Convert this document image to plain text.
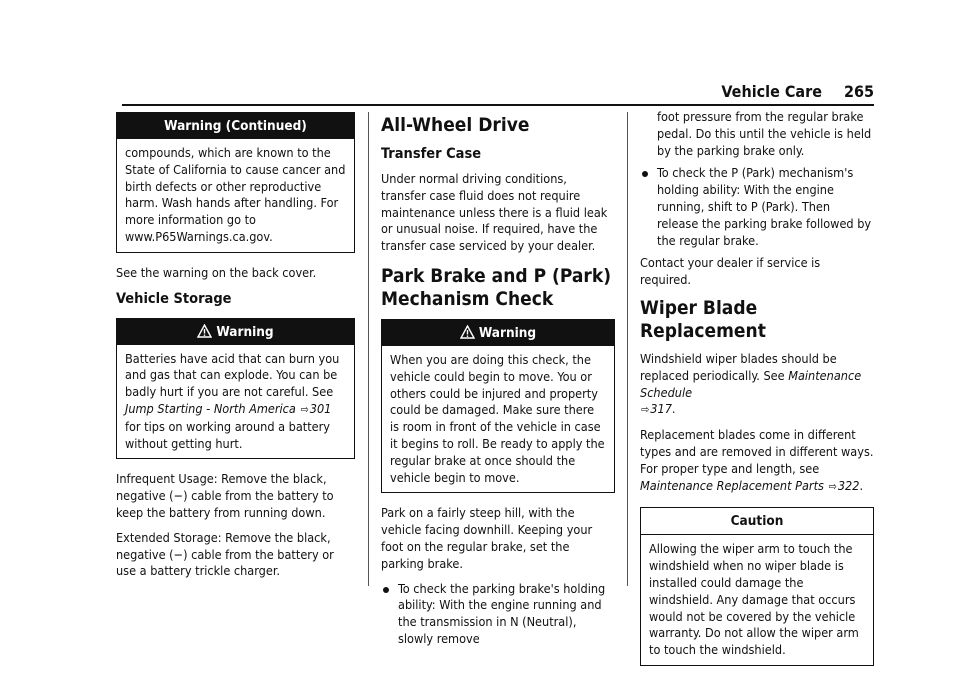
Vehicle Care 265
Warning (Continued)

compounds, which are known to the State of California to cause cancer and birth defects or other reproductive harm. Wash hands after handling. For more information go to www.P65Warnings.ca.gov.

See the warning on the back cover.

Vehicle Storage
Warning

Batteries have acid that can burn you and gas that can explode. You can be badly hurt if you are not careful. See Jump Starting - North America ⇨301 for tips on working around a battery without getting hurt.

Infrequent Usage: Remove the black, negative (−) cable from the battery to keep the battery from running down.

Extended Storage: Remove the black, negative (−) cable from the battery or use a battery trickle charger.

All-Wheel Drive
Transfer Case

Under normal driving conditions, transfer case fluid does not require maintenance unless there is a fluid leak or unusual noise. If required, have the transfer case serviced by your dealer.

Park Brake and P (Park) Mechanism Check
Warning

When you are doing this check, the vehicle could begin to move. You or others could be injured and property could be damaged. Make sure there is room in front of the vehicle in case it begins to roll. Be ready to apply the regular brake at once should the vehicle begin to move.

Park on a fairly steep hill, with the vehicle facing downhill. Keeping your foot on the regular brake, set the parking brake.

To check the parking brake's holding ability: With the engine running and the transmission in N (Neutral), slowly remove
foot pressure from the regular brake pedal. Do this until the vehicle is held by the parking brake only.
To check the P (Park) mechanism's holding ability: With the engine running, shift to P (Park). Then release the parking brake followed by the regular brake.

Contact your dealer if service is required.

Wiper Blade Replacement

Windshield wiper blades should be replaced periodically. See Maintenance Schedule
⇨317.

Replacement blades come in different types and are removed in different ways. For proper type and length, see Maintenance Replacement Parts ⇨322.

Caution

Allowing the wiper arm to touch the windshield when no wiper blade is installed could damage the windshield. Any damage that occurs would not be covered by the vehicle warranty. Do not allow the wiper arm to touch the windshield.
